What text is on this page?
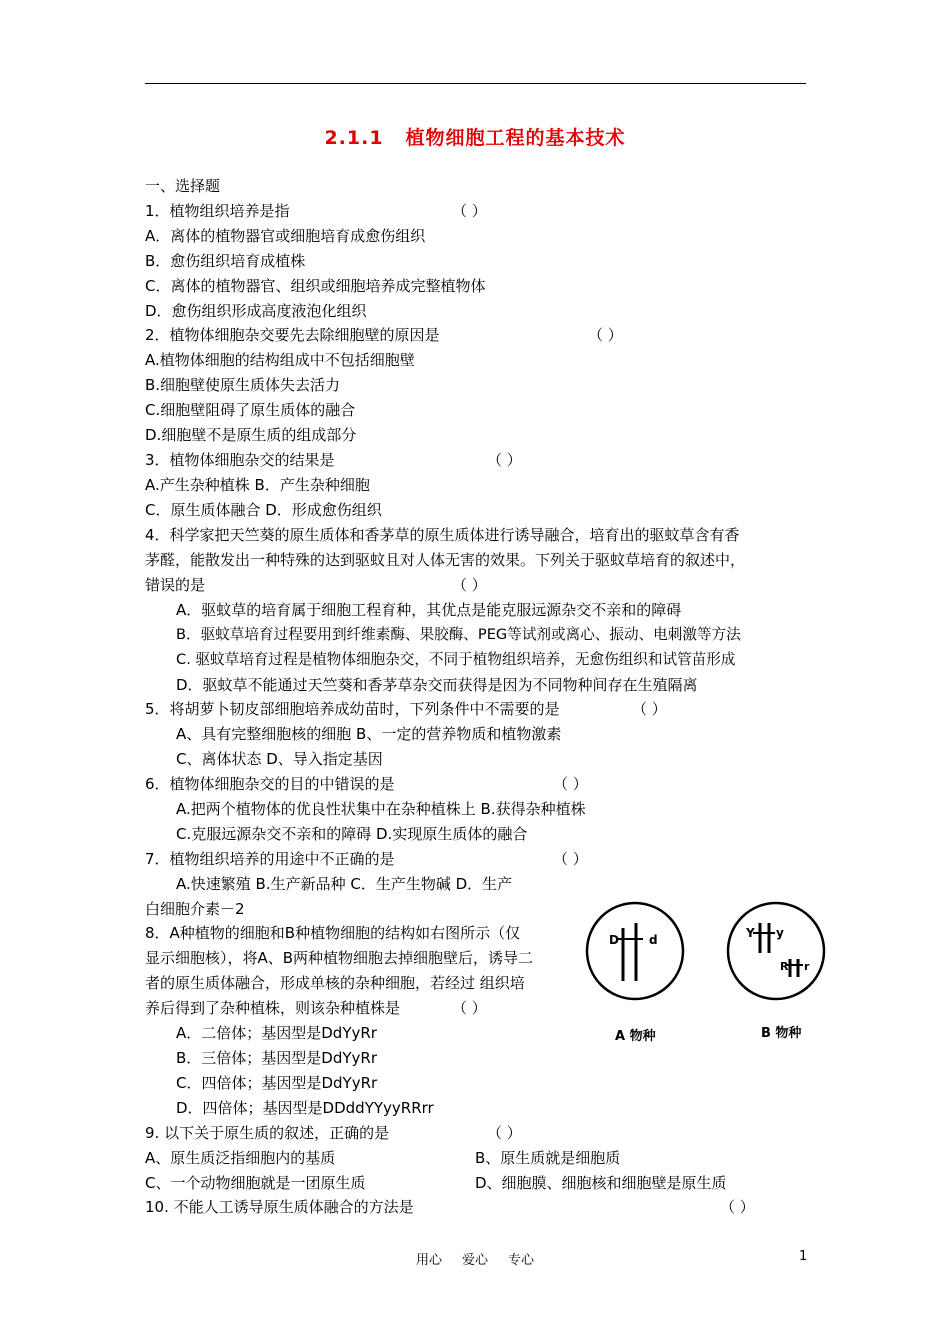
2.1.1 植物细胞工程的基本技术
一、选择题
1．植物组织培养是指	（ ）
A．离体的植物器官或细胞培育成愈伤组织
B．愈伤组织培育成植株
C．离体的植物器官、组织或细胞培养成完整植物体
D．愈伤组织形成高度液泡化组织
2．植物体细胞杂交要先去除细胞壁的原因是	（ ）
A.植物体细胞的结构组成中不包括细胞壁
B.细胞壁使原生质体失去活力
C.细胞壁阻碍了原生质体的融合
D.细胞壁不是原生质的组成部分
3．植物体细胞杂交的结果是	（ ）
A.产生杂种植株 B．产生杂种细胞
C．原生质体融合 D．形成愈伤组织
4．科学家把天竺葵的原生质体和香茅草的原生质体进行诱导融合，培育出的驱蚊草含有香
茅醛，能散发出一种特殊的达到驱蚊且对人体无害的效果。下列关于驱蚊草培育的叙述中，
错误的是	（ ）
A．驱蚊草的培育属于细胞工程育种，其优点是能克服远源杂交不亲和的障碍
B．驱蚊草培育过程要用到纤维素酶、果胶酶、PEG等试剂或离心、振动、电刺激等方法
C. 驱蚊草培育过程是植物体细胞杂交，不同于植物组织培养，无愈伤组织和试管苗形成
D．驱蚊草不能通过天竺葵和香茅草杂交而获得是因为不同物种间存在生殖隔离
5．将胡萝卜韧皮部细胞培养成幼苗时，下列条件中不需要的是	（ ）
A、具有完整细胞核的细胞 B、一定的营养物质和植物激素
C、离体状态 D、导入指定基因
6．植物体细胞杂交的目的中错误的是	（ ）
A.把两个植物体的优良性状集中在杂种植株上 B.获得杂种植株
C.克服远源杂交不亲和的障碍 D.实现原生质体的融合
7．植物组织培养的用途中不正确的是	（ ）
A.快速繁殖 B.生产新品种 C．生产生物碱 D．生产
白细胞介素－2
8．A种植物的细胞和B种植物细胞的结构如右图所示（仅
显示细胞核），将A、B两种植物细胞去掉细胞壁后，诱导二
者的原生质体融合，形成单核的杂种细胞，若经过 组织培
养后得到了杂种植株，则该杂种植株是	（ ）
A．二倍体；基因型是DdYyRr
B．三倍体；基因型是DdYyRr
C．四倍体；基因型是DdYyRr
D．四倍体；基因型是DDddYYyyRRrr
D	d
A 物种
Y y
R r
B 物种
9. 以下关于原生质的叙述，正确的是	（ ）
A、原生质泛指细胞内的基质	B、原生质就是细胞质
C、一个动物细胞就是一团原生质	D、细胞膜、细胞核和细胞壁是原生质
10. 不能人工诱导原生质体融合的方法是	（ ）
用心 爱心 专心	1
